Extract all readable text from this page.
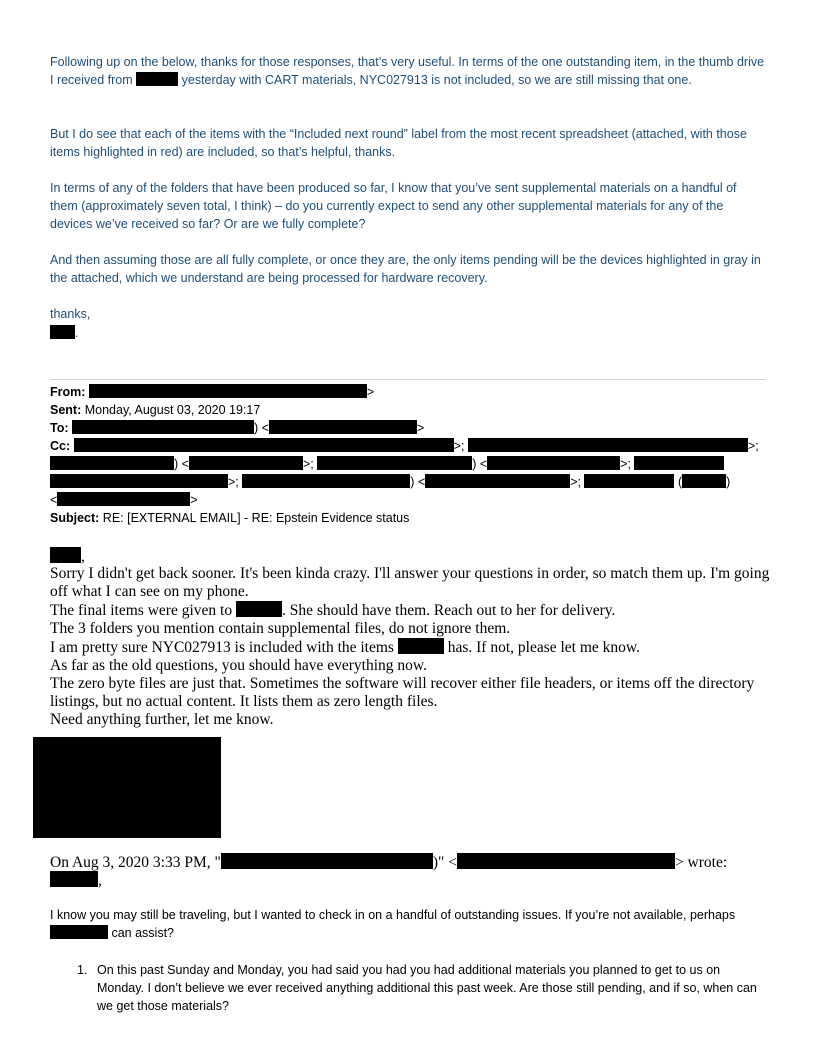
Following up on the below, thanks for those responses, that’s very useful. In terms of the one outstanding item, in the thumb drive I received from	yesterday with CART materials, NYC027913 is not included, so we are still missing that one.

But I do see that each of the items with the “Included next round” label from the most recent spreadsheet (attached, with those items highlighted in red) are included, so that’s helpful, thanks.

In terms of any of the folders that have been produced so far, I know that you’ve sent supplemental materials on a handful of them (approximately seven total, I think) – do you currently expect to send any other supplemental materials for any of the devices we’ve received so far? Or are we fully complete?

And then assuming those are all fully complete, or once they are, the only items pending will be the devices highlighted in gray in the attached, which we understand are being processed for hardware recovery.

thanks,

.
From:	>
Sent: Monday, August 03, 2020 19:17
To:	) <	>
Cc:	>;	>;
) <	>;	) <	>;
>;	) <	>;	(	)
<	>
Subject: RE: [EXTERNAL EMAIL] - RE: Epstein Evidence status
,

Sorry I didn't get back sooner. It's been kinda crazy. I'll answer your questions in order, so match them up. I'm going off what I can see on my phone.

The final items were given to	. She should have them. Reach out to her for delivery.

The 3 folders you mention contain supplemental files, do not ignore them.

I am pretty sure NYC027913 is included with the items	has. If not, please let me know.

As far as the old questions, you should have everything now.

The zero byte files are just that. Sometimes the software will recover either file headers, or items off the directory listings, but no actual content. It lists them as zero length files.

Need anything further, let me know.

On Aug 3, 2020 3:33 PM, "	)" <	> wrote:
,

I know you may still be traveling, but I wanted to check in on a handful of outstanding issues. If you’re not available, perhaps  can assist?

1. On this past Sunday and Monday, you had said you had you had additional materials you planned to get to us on Monday. I don’t believe we ever received anything additional this past week. Are those still pending, and if so, when can we get those materials?
